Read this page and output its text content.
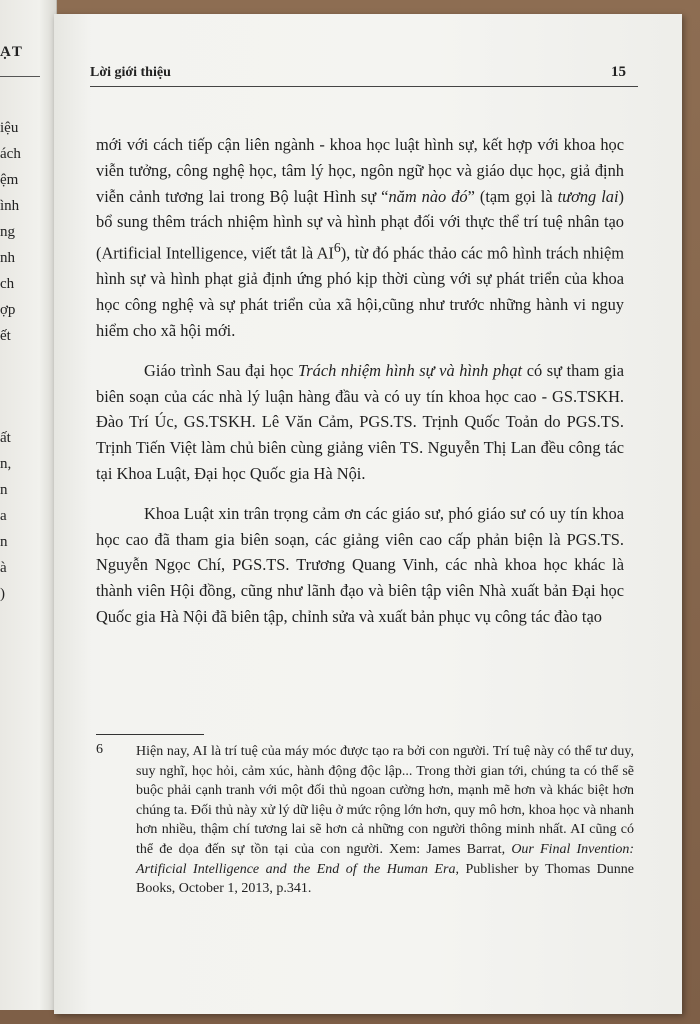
ẠT
iệu
ách
ệm
ình
ng
nh
ch
ợp
ết
ất
n,
n
a
n
à
)
Lời giới thiệu	15

mới với cách tiếp cận liên ngành - khoa học luật hình sự, kết hợp với khoa học viễn tưởng, công nghệ học, tâm lý học, ngôn ngữ học và giáo dục học, giả định viễn cảnh tương lai trong Bộ luật Hình sự “năm nào đó” (tạm gọi là tương lai) bổ sung thêm trách nhiệm hình sự và hình phạt đối với thực thể trí tuệ nhân tạo (Artificial Intelligence, viết tắt là $AI^6$), từ đó phác thảo các mô hình trách nhiệm hình sự và hình phạt giả định ứng phó kịp thời cùng với sự phát triển của khoa học công nghệ và sự phát triển của xã hội,cũng như trước những hành vi nguy hiểm cho xã hội mới.

Giáo trình Sau đại học Trách nhiệm hình sự và hình phạt có sự tham gia biên soạn của các nhà lý luận hàng đầu và có uy tín khoa học cao - GS.TSKH. Đào Trí Úc, GS.TSKH. Lê Văn Cảm, PGS.TS. Trịnh Quốc Toản do PGS.TS. Trịnh Tiến Việt làm chủ biên cùng giảng viên TS. Nguyễn Thị Lan đều công tác tại Khoa Luật, Đại học Quốc gia Hà Nội.

Khoa Luật xin trân trọng cảm ơn các giáo sư, phó giáo sư có uy tín khoa học cao đã tham gia biên soạn, các giảng viên cao cấp phản biện là PGS.TS. Nguyễn Ngọc Chí, PGS.TS. Trương Quang Vinh, các nhà khoa học khác là thành viên Hội đồng, cũng như lãnh đạo và biên tập viên Nhà xuất bản Đại học Quốc gia Hà Nội đã biên tập, chỉnh sửa và xuất bản phục vụ công tác đào tạo

6 Hiện nay, AI là trí tuệ của máy móc được tạo ra bởi con người. Trí tuệ này có thể tư duy, suy nghĩ, học hỏi, cảm xúc, hành động độc lập... Trong thời gian tới, chúng ta có thể sẽ buộc phải cạnh tranh với một đối thủ ngoan cường hơn, mạnh mẽ hơn và khác biệt hơn chúng ta. Đối thủ này xử lý dữ liệu ở mức rộng lớn hơn, quy mô hơn, khoa học và nhanh hơn nhiều, thậm chí tương lai sẽ hơn cả những con người thông minh nhất. AI cũng có thể đe dọa đến sự tồn tại của con người. Xem: James Barrat, Our Final Invention: Artificial Intelligence and the End of the Human Era, Publisher by Thomas Dunne Books, October 1, 2013, p.341.
